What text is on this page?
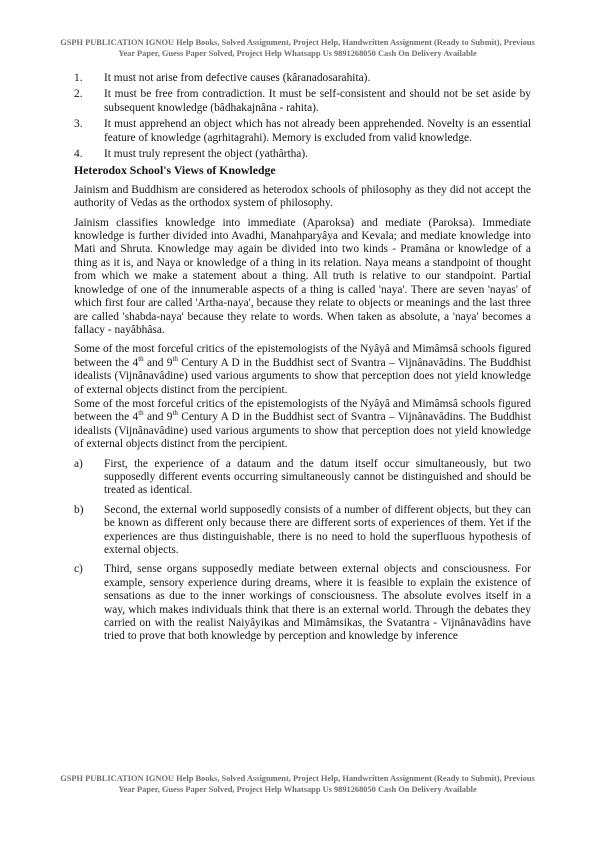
GSPH PUBLICATION IGNOU Help Books, Solved Assignment, Project Help, Handwritten Assignment (Ready to Submit), Previous Year Paper, Guess Paper Solved, Project Help Whatsapp Us 9891268050 Cash On Delivery Available
1.	It must not arise from defective causes (kâranadosarahita).
2.	It must be free from contradiction. It must be self-consistent and should not be set aside by subsequent knowledge (bâdhakajnâna - rahita).
3.	It must apprehend an object which has not already been apprehended. Novelty is an essential feature of knowledge (agrhitagrahi). Memory is excluded from valid knowledge.
4.	It must truly represent the object (yathârtha).
Heterodox School's Views of Knowledge

Jainism and Buddhism are considered as heterodox schools of philosophy as they did not accept the authority of Vedas as the orthodox system of philosophy.

Jainism classifies knowledge into immediate (Aparoksa) and mediate (Paroksa). Immediate knowledge is further divided into Avadhi, Manahparyâya and Kevala; and mediate knowledge into Mati and Shruta. Knowledge may again be divided into two kinds - Pramâna or knowledge of a thing as it is, and Naya or knowledge of a thing in its relation. Naya means a standpoint of thought from which we make a statement about a thing. All truth is relative to our standpoint. Partial knowledge of one of the innumerable aspects of a thing is called 'naya'. There are seven 'nayas' of which first four are called 'Artha-naya', because they relate to objects or meanings and the last three are called 'shabda-naya' because they relate to words. When taken as absolute, a 'naya' becomes a fallacy - nayâbhâsa.

Some of the most forceful critics of the epistemologists of the Nyâyâ and Mimâmsâ schools figured between the 4th and 9th Century A D in the Buddhist sect of Svantra – Vijnânavâdins. The Buddhist idealists (Vijnânavâdine) used various arguments to show that perception does not yield knowledge of external objects distinct from the percipient.

Some of the most forceful critics of the epistemologists of the Nyâyâ and Mimâmsâ schools figured between the 4th and 9th Century A D in the Buddhist sect of Svantra – Vijnânavâdins. The Buddhist idealists (Vijnânavâdine) used various arguments to show that perception does not yield knowledge of external objects distinct from the percipient.

a)	First, the experience of a dataum and the datum itself occur simultaneously, but two supposedly different events occurring simultaneously cannot be distinguished and should be treated as identical.
b)	Second, the external world supposedly consists of a number of different objects, but they can be known as different only because there are different sorts of experiences of them. Yet if the experiences are thus distinguishable, there is no need to hold the superfluous hypothesis of external objects.
c)	Third, sense organs supposedly mediate between external objects and consciousness. For example, sensory experience during dreams, where it is feasible to explain the existence of sensations as due to the inner workings of consciousness. The absolute evolves itself in a way, which makes individuals think that there is an external world. Through the debates they carried on with the realist Naiyâyikas and Mimâmsikas, the Svatantra - Vijnânavâdins have tried to prove that both knowledge by perception and knowledge by inference
GSPH PUBLICATION IGNOU Help Books, Solved Assignment, Project Help, Handwritten Assignment (Ready to Submit), Previous Year Paper, Guess Paper Solved, Project Help Whatsapp Us 9891268050 Cash On Delivery Available
